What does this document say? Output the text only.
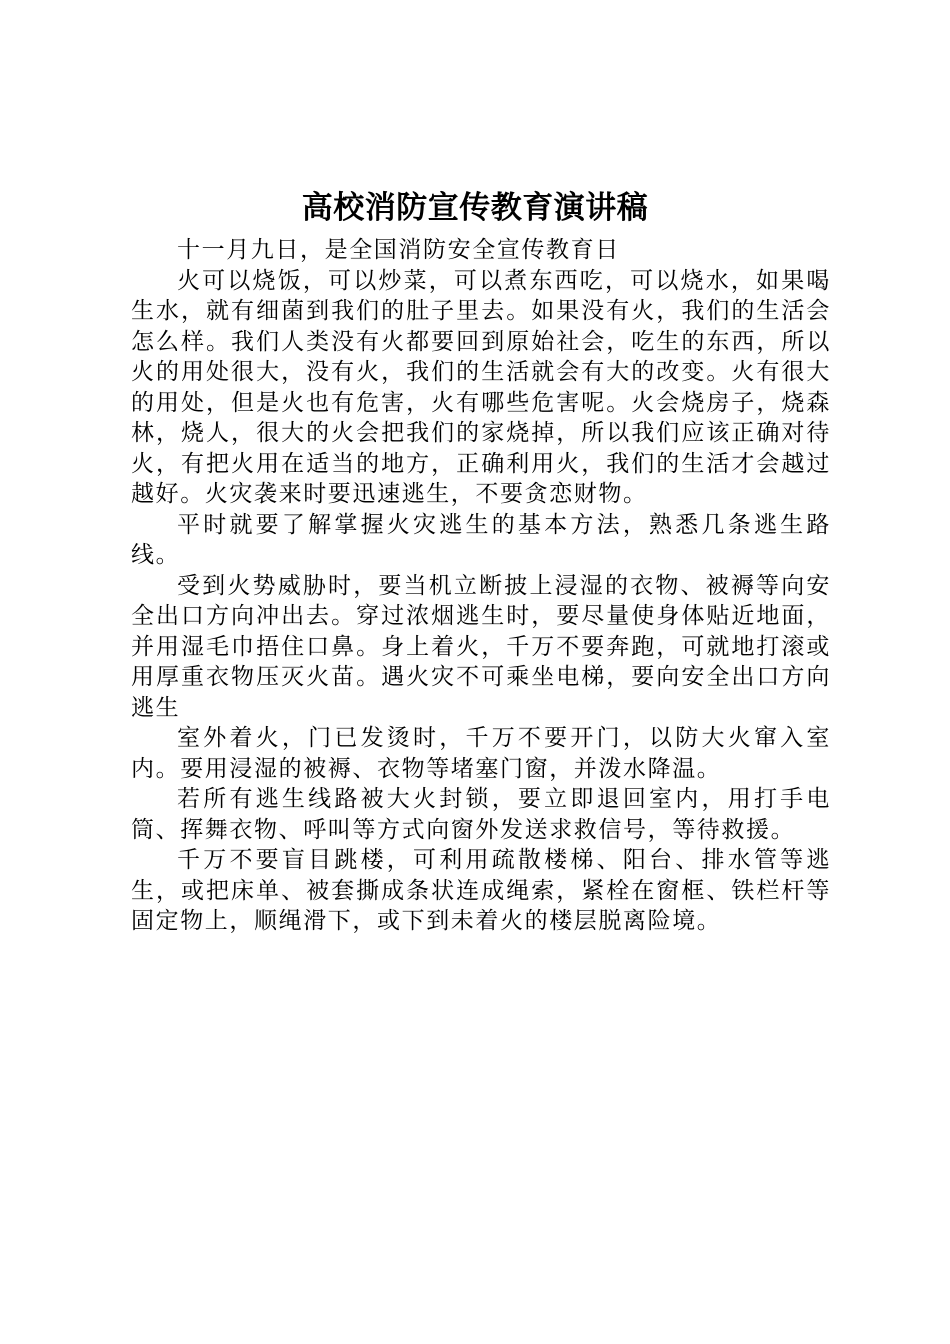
高校消防宣传教育演讲稿

十一月九日，是全国消防安全宣传教育日

火可以烧饭，可以炒菜，可以煮东西吃，可以烧水，如果喝生水，就有细菌到我们的肚子里去。如果没有火，我们的生活会怎么样。我们人类没有火都要回到原始社会，吃生的东西，所以火的用处很大，没有火，我们的生活就会有大的改变。火有很大的用处，但是火也有危害，火有哪些危害呢。火会烧房子，烧森林，烧人，很大的火会把我们的家烧掉，所以我们应该正确对待火，有把火用在适当的地方，正确利用火，我们的生活才会越过越好。火灾袭来时要迅速逃生，不要贪恋财物。

平时就要了解掌握火灾逃生的基本方法，熟悉几条逃生路线。

受到火势威胁时，要当机立断披上浸湿的衣物、被褥等向安全出口方向冲出去。穿过浓烟逃生时，要尽量使身体贴近地面，并用湿毛巾捂住口鼻。身上着火，千万不要奔跑，可就地打滚或用厚重衣物压灭火苗。遇火灾不可乘坐电梯，要向安全出口方向逃生

室外着火，门已发烫时，千万不要开门，以防大火窜入室内。要用浸湿的被褥、衣物等堵塞门窗，并泼水降温。

若所有逃生线路被大火封锁，要立即退回室内，用打手电筒、挥舞衣物、呼叫等方式向窗外发送求救信号，等待救援。

千万不要盲目跳楼，可利用疏散楼梯、阳台、排水管等逃生，或把床单、被套撕成条状连成绳索，紧栓在窗框、铁栏杆等固定物上，顺绳滑下，或下到未着火的楼层脱离险境。
